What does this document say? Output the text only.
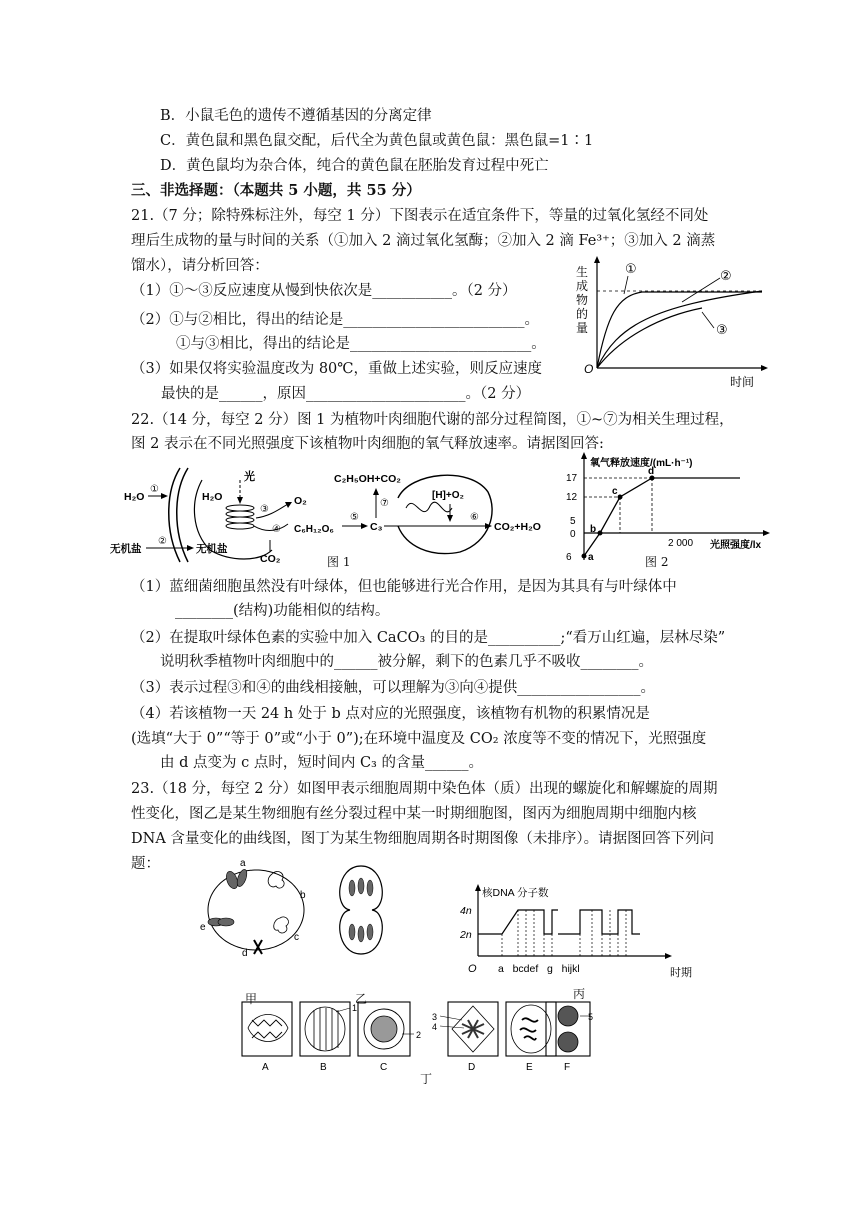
B．小鼠毛色的遗传不遵循基因的分离定律
C．黄色鼠和黑色鼠交配，后代全为黄色鼠或黄色鼠：黑色鼠=1∶1
D．黄色鼠均为杂合体，纯合的黄色鼠在胚胎发育过程中死亡
三、非选择题：（本题共 5 小题，共 55 分）
21.（7 分；除特殊标注外，每空 1 分）下图表示在适宜条件下，等量的过氧化氢经不同处
理后生成物的量与时间的关系（①加入 2 滴过氧化氢酶；②加入 2 滴 Fe³⁺；③加入 2 滴蒸
馏水），请分析回答：
（1）①～③反应速度从慢到快依次是___________。（2 分）
（2）①与②相比，得出的结论是_________________________。
①与③相比，得出的结论是_________________________。
（3）如果仅将实验温度改为 80℃，重做上述实验，则反应速度
最快的是______，原因______________________。（2 分）
22.（14 分，每空 2 分）图 1 为植物叶肉细胞代谢的部分过程简图，①~⑦为相关生理过程，
图 2 表示在不同光照强度下该植物叶肉细胞的氧气释放速率。请据图回答:
（1）蓝细菌细胞虽然没有叶绿体，但也能够进行光合作用，是因为其具有与叶绿体中
________(结构)功能相似的结构。
（2）在提取叶绿体色素的实验中加入 CaCO₃ 的目的是__________;“看万山红遍，层林尽染”
说明秋季植物叶肉细胞中的______被分解，剩下的色素几乎不吸收________。
（3）表示过程③和④的曲线相接触，可以理解为③向④提供_________________。
（4）若该植物一天 24 h 处于 b 点对应的光照强度，该植物有机物的积累情况是
(选填“大于 0”“等于 0”或“小于 0”);在环境中温度及 CO₂ 浓度等不变的情况下，光照强度
由 d 点变为 c 点时，短时间内 C₃ 的含量______。
23.（18 分，每空 2 分）如图甲表示细胞周期中染色体（质）出现的螺旋化和解螺旋的周期
性变化，图乙是某生物细胞有丝分裂过程中某一时期细胞图，图丙为细胞周期中细胞内核
DNA 含量变化的曲线图，图丁为某生物细胞周期各时期图像（未排序）。请据图回答下列问
题：
①	②
③
生
成
物
的
量
O
时间
光
H₂O
①
H₂O
无机盐
②
无机盐
③
O₂
④
CO₂
C₆H₁₂O₆
⑤
C₃
⑦
C₂H₅OH+CO₂
[H]+O₂
⑥
CO₂+H₂O
图 1
氧气释放速度/(mL·h⁻¹)
a
b
c
d
17
12
5
0
6
2 000 光照强度/lx
图 2
a
b
c
d
e
核DNA 分子数
4n
2n
O a   bcdef   g   hijkl	时期
甲	乙	丙
A	B	C	D	E	F
1
2
3
4
5
丁
